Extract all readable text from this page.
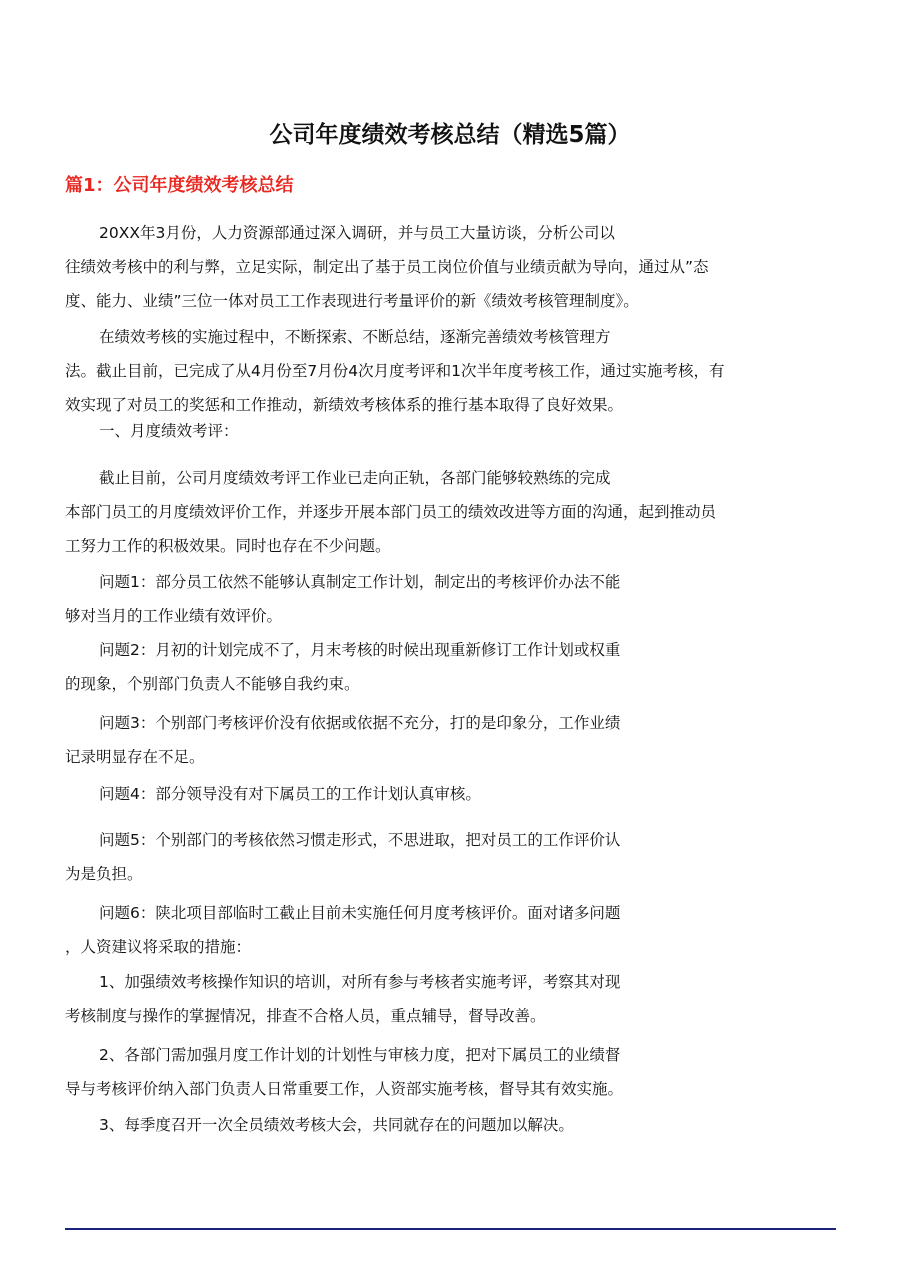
公司年度绩效考核总结（精选5篇）
篇1：公司年度绩效考核总结

20XX年3月份，人力资源部通过深入调研，并与员工大量访谈，分析公司以
往绩效考核中的利与弊，立足实际，制定出了基于员工岗位价值与业绩贡献为导向，通过从”态
度、能力、业绩”三位一体对员工工作表现进行考量评价的新《绩效考核管理制度》。

在绩效考核的实施过程中，不断探索、不断总结，逐渐完善绩效考核管理方
法。截止目前，已完成了从4月份至7月份4次月度考评和1次半年度考核工作，通过实施考核，有
效实现了对员工的奖惩和工作推动，新绩效考核体系的推行基本取得了良好效果。

一、月度绩效考评：

截止目前，公司月度绩效考评工作业已走向正轨，各部门能够较熟练的完成
本部门员工的月度绩效评价工作，并逐步开展本部门员工的绩效改进等方面的沟通，起到推动员
工努力工作的积极效果。同时也存在不少问题。

问题1：部分员工依然不能够认真制定工作计划，制定出的考核评价办法不能
够对当月的工作业绩有效评价。

问题2：月初的计划完成不了，月末考核的时候出现重新修订工作计划或权重
的现象，个别部门负责人不能够自我约束。

问题3：个别部门考核评价没有依据或依据不充分，打的是印象分，工作业绩
记录明显存在不足。

问题4：部分领导没有对下属员工的工作计划认真审核。

问题5：个别部门的考核依然习惯走形式，不思进取，把对员工的工作评价认
为是负担。

问题6：陕北项目部临时工截止目前未实施任何月度考核评价。面对诸多问题
，人资建议将采取的措施：

1、加强绩效考核操作知识的培训，对所有参与考核者实施考评，考察其对现
考核制度与操作的掌握情况，排查不合格人员，重点辅导，督导改善。

2、各部门需加强月度工作计划的计划性与审核力度，把对下属员工的业绩督
导与考核评价纳入部门负责人日常重要工作，人资部实施考核，督导其有效实施。

3、每季度召开一次全员绩效考核大会，共同就存在的问题加以解决。
